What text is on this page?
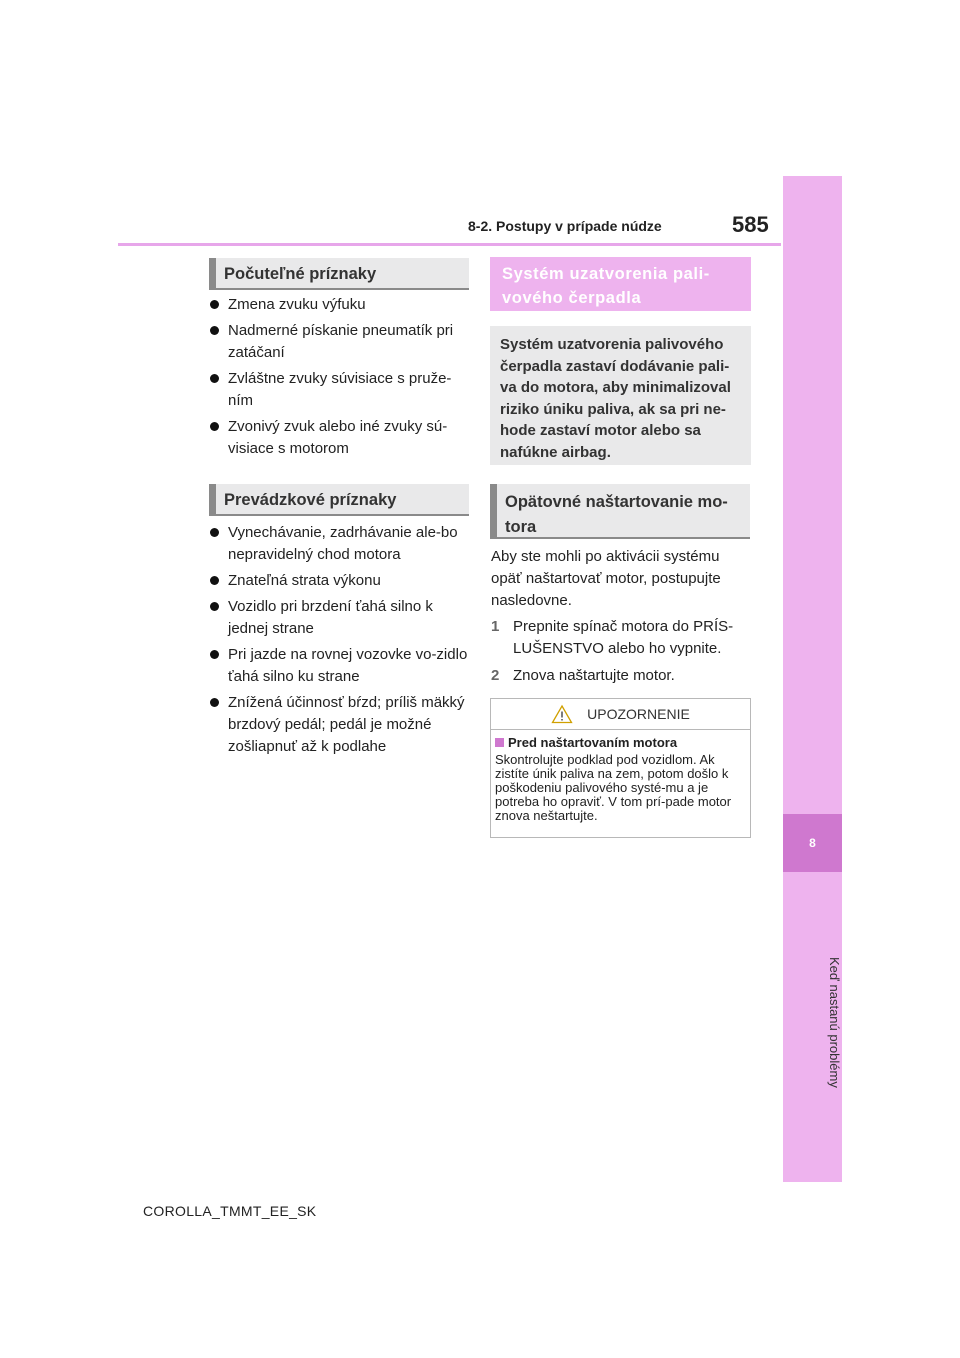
8-2. Postupy v prípade núdze	585
8
Keď nastanú problémy
Počuteľné príznaky
Zmena zvuku výfuku
Nadmerné pískanie pneumatík pri zatáčaní
Zvláštne zvuky súvisiace s pruže-ním
Zvonivý zvuk alebo iné zvuky sú-visiace s motorom
Prevádzkové príznaky
Vynechávanie, zadrhávanie ale-bo nepravidelný chod motora
Znateľná strata výkonu
Vozidlo pri brzdení ťahá silno k jednej strane
Pri jazde na rovnej vozovke vo-zidlo ťahá silno ku strane
Znížená účinnosť bŕzd; príliš mäkký brzdový pedál; pedál je možné zošliapnuť až k podlahe
Systém uzatvorenia pali-vového čerpadla
Systém uzatvorenia palivového čerpadla zastaví dodávanie pali-va do motora, aby minimalizoval riziko úniku paliva, ak sa pri ne-hode zastaví motor alebo sa nafúkne airbag.
Opätovné naštartovanie mo-tora
Aby ste mohli po aktivácii systému opäť naštartovať motor, postupujte nasledovne.
1 Prepnite spínač motora do PRÍS-LUŠENSTVO alebo ho vypnite.
2 Znova naštartujte motor.
UPOZORNENIE
Pred naštartovaním motora
Skontrolujte podklad pod vozidlom. Ak zistíte únik paliva na zem, potom došlo k poškodeniu palivového systé-mu a je potreba ho opraviť. V tom prí-pade motor znova neštartujte.
COROLLA_TMMT_EE_SK
